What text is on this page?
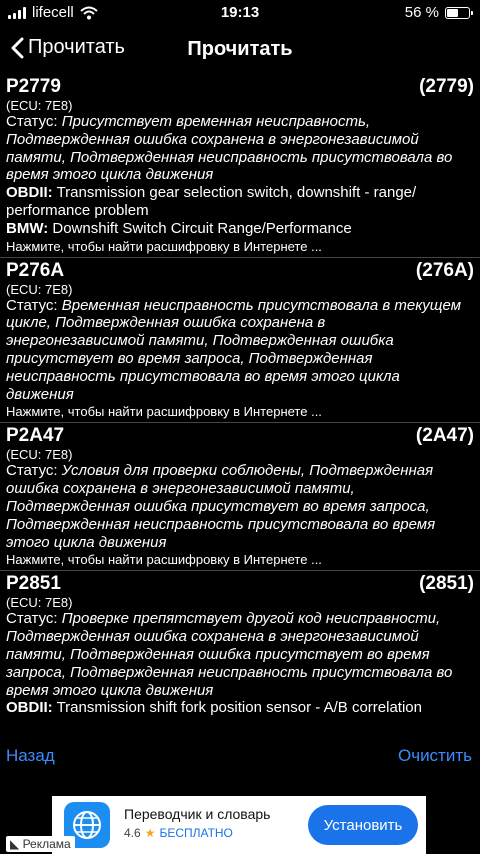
lifecell	19:13	56 %
Прочитать	Прочитать
P2779	(2779)
(ECU: 7E8)
Статус: Присутствует временная неисправность,
Подтвержденная ошибка сохранена в энергонезависимой
памяти, Подтвержденная неисправность присутствовала во
время этого цикла движения
OBDII: Transmission gear selection switch, downshift - range/
performance problem
BMW: Downshift Switch Circuit Range/Performance
Нажмите, чтобы найти расшифровку в Интернете ...
P276A	(276A)
(ECU: 7E8)
Статус: Временная неисправность присутствовала в текущем
цикле, Подтвержденная ошибка сохранена в
энергонезависимой памяти, Подтвержденная ошибка
присутствует во время запроса, Подтвержденная
неисправность присутствовала во время этого цикла
движения
Нажмите, чтобы найти расшифровку в Интернете ...
P2A47	(2A47)
(ECU: 7E8)
Статус: Условия для проверки соблюдены, Подтвержденная
ошибка сохранена в энергонезависимой памяти,
Подтвержденная ошибка присутствует во время запроса,
Подтвержденная неисправность присутствовала во время
этого цикла движения
Нажмите, чтобы найти расшифровку в Интернете ...
P2851	(2851)
(ECU: 7E8)
Статус: Проверке препятствует другой код неисправности,
Подтвержденная ошибка сохранена в энергонезависимой
памяти, Подтвержденная ошибка присутствует во время
запроса, Подтвержденная неисправность присутствовала во
время этого цикла движения
OBDII: Transmission shift fork position sensor - A/B correlation
Назад	Очистить
Переводчик и словарь
4.6 ★ БЕСПЛАТНО	Установить
◣ Реклама
